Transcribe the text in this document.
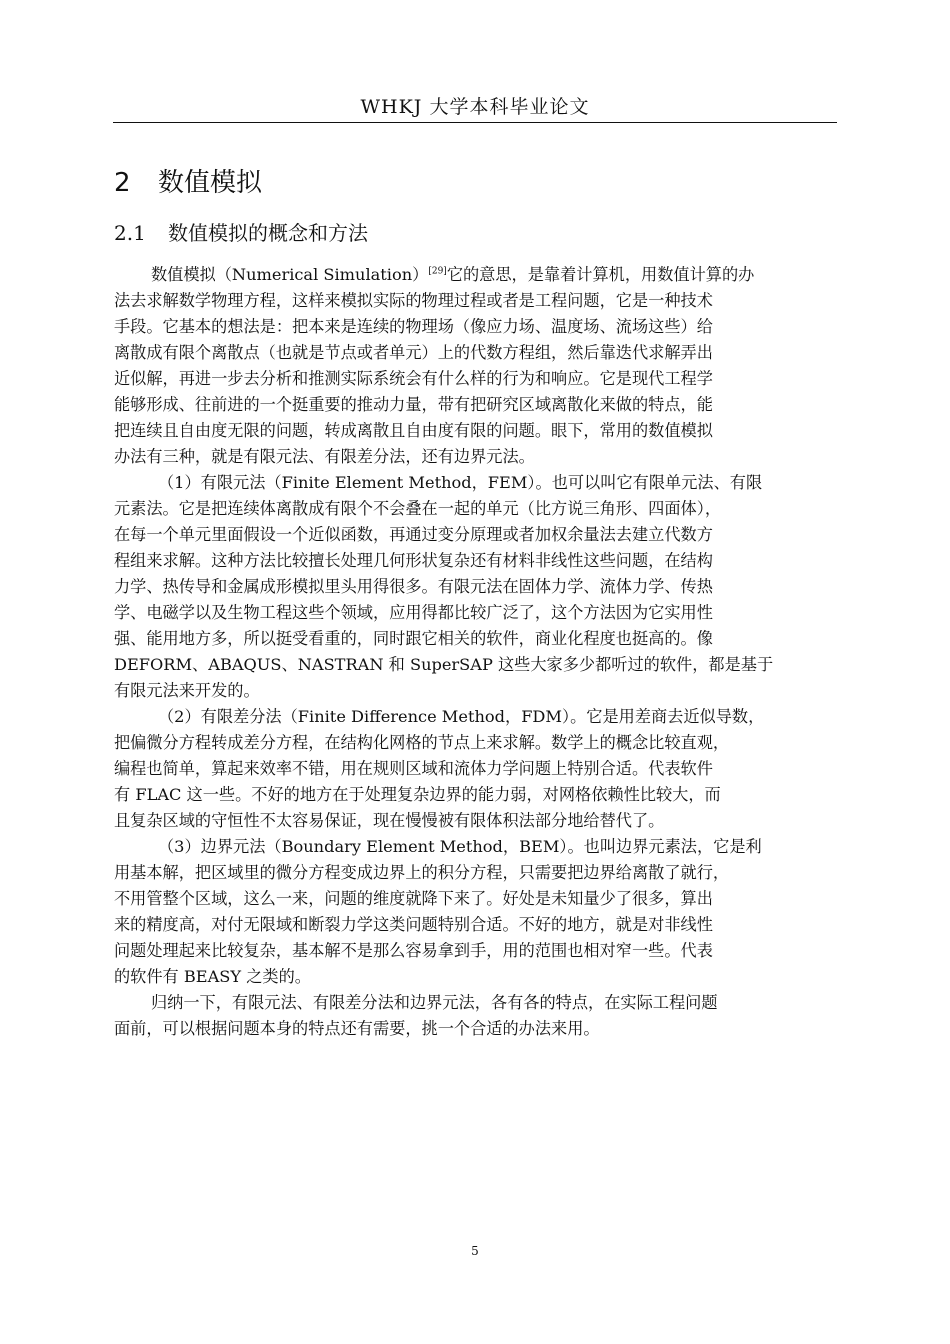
WHKJ 大学本科毕业论文
2 数值模拟
2.1 数值模拟的概念和方法
数值模拟（Numerical Simulation）[29]它的意思，是靠着计算机，用数值计算的办
法去求解数学物理方程，这样来模拟实际的物理过程或者是工程问题，它是一种技术
手段。它基本的想法是：把本来是连续的物理场（像应力场、温度场、流场这些）给
离散成有限个离散点（也就是节点或者单元）上的代数方程组，然后靠迭代求解弄出
近似解，再进一步去分析和推测实际系统会有什么样的行为和响应。它是现代工程学
能够形成、往前进的一个挺重要的推动力量，带有把研究区域离散化来做的特点，能
把连续且自由度无限的问题，转成离散且自由度有限的问题。眼下，常用的数值模拟
办法有三种，就是有限元法、有限差分法，还有边界元法。
（1）有限元法（Finite Element Method，FEM）。也可以叫它有限单元法、有限
元素法。它是把连续体离散成有限个不会叠在一起的单元（比方说三角形、四面体），
在每一个单元里面假设一个近似函数，再通过变分原理或者加权余量法去建立代数方
程组来求解。这种方法比较擅长处理几何形状复杂还有材料非线性这些问题，在结构
力学、热传导和金属成形模拟里头用得很多。有限元法在固体力学、流体力学、传热
学、电磁学以及生物工程这些个领域，应用得都比较广泛了，这个方法因为它实用性
强、能用地方多，所以挺受看重的，同时跟它相关的软件，商业化程度也挺高的。像
DEFORM、ABAQUS、NASTRAN 和 SuperSAP 这些大家多少都听过的软件，都是基于
有限元法来开发的。
（2）有限差分法（Finite Difference Method，FDM）。它是用差商去近似导数，
把偏微分方程转成差分方程，在结构化网格的节点上来求解。数学上的概念比较直观，
编程也简单，算起来效率不错，用在规则区域和流体力学问题上特别合适。代表软件
有 FLAC 这一些。不好的地方在于处理复杂边界的能力弱，对网格依赖性比较大，而
且复杂区域的守恒性不太容易保证，现在慢慢被有限体积法部分地给替代了。
（3）边界元法（Boundary Element Method，BEM）。也叫边界元素法，它是利
用基本解，把区域里的微分方程变成边界上的积分方程，只需要把边界给离散了就行，
不用管整个区域，这么一来，问题的维度就降下来了。好处是未知量少了很多，算出
来的精度高，对付无限域和断裂力学这类问题特别合适。不好的地方，就是对非线性
问题处理起来比较复杂，基本解不是那么容易拿到手，用的范围也相对窄一些。代表
的软件有 BEASY 之类的。
归纳一下，有限元法、有限差分法和边界元法，各有各的特点，在实际工程问题
面前，可以根据问题本身的特点还有需要，挑一个合适的办法来用。
5
